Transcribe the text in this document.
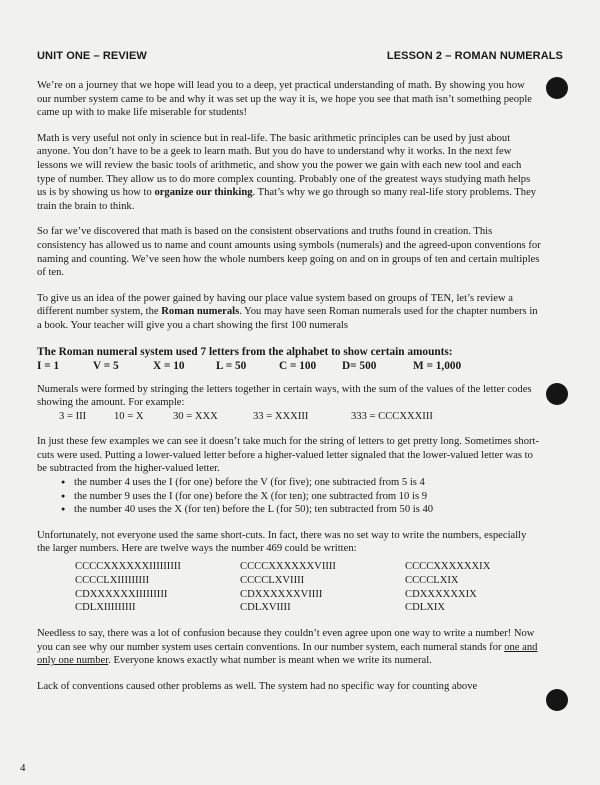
UNIT ONE – REVIEW	LESSON 2 – ROMAN NUMERALS

We’re on a journey that we hope will lead you to a deep, yet practical understanding of math. By showing you how our number system came to be and why it was set up the way it is, we hope you see that math isn’t something people came up with to make life miserable for students!

Math is very useful not only in science but in real-life. The basic arithmetic principles can be used by just about anyone. You don’t have to be a geek to learn math. But you do have to understand why it works. In the next few lessons we will review the basic tools of arithmetic, and show you the power we gain with each new tool and each type of number. They allow us to do more complex counting. Probably one of the greatest ways studying math helps us is by showing us how to organize our thinking. That’s why we go through so many real-life story problems. They train the brain to think.

So far we’ve discovered that math is based on the consistent observations and truths found in creation. This consistency has allowed us to name and count amounts using symbols (numerals) and the agreed-upon conventions for naming and counting. We’ve seen how the whole numbers keep going on and on in groups of ten and certain multiples of ten.

To give us an idea of the power gained by having our place value system based on groups of TEN, let’s review a different number system, the Roman numerals. You may have seen Roman numerals used for the chapter numbers in a book. Your teacher will give you a chart showing the first 100 numerals

The Roman numeral system used 7 letters from the alphabet to show certain amounts:
I = 1	V = 5	X = 10	L = 50	C = 100	D= 500	M = 1,000

Numerals were formed by stringing the letters together in certain ways, with the sum of the values of the letter codes showing the amount. For example:

3 = III	10 = X	30 = XXX	33 = XXXIII	333 = CCCXXXIII

In just these few examples we can see it doesn’t take much for the string of letters to get pretty long. Sometimes short-cuts were used. Putting a lower-valued letter before a higher-valued letter signaled that the lower-valued letter was to be subtracted from the higher-valued letter.

● the number 4 uses the I (for one) before the V (for five); one subtracted from 5 is 4
● the number 9 uses the I (for one) before the X (for ten); one subtracted from 10 is 9
● the number 40 uses the X (for ten) before the L (for 50); ten subtracted from 50 is 40

Unfortunately, not everyone used the same short-cuts. In fact, there was no set way to write the numbers, especially the larger numbers. Here are twelve ways the number 469 could be written:

CCCCXXXXXXIIIIIIIII	CCCCXXXXXXVIIII	CCCCXXXXXXIX
CCCCLXIIIIIIIII	CCCCLXVIIII	CCCCLXIX
CDXXXXXXIIIIIIIII	CDXXXXXXVIIII	CDXXXXXXIX
CDLXIIIIIIIII	CDLXVIIII	CDLXIX

Needless to say, there was a lot of confusion because they couldn’t even agree upon one way to write a number! Now you can see why our number system uses certain conventions. In our number system, each numeral stands for one and only one number. Everyone knows exactly what number is meant when we write its numeral.

Lack of conventions caused other problems as well. The system had no specific way for counting above

4
